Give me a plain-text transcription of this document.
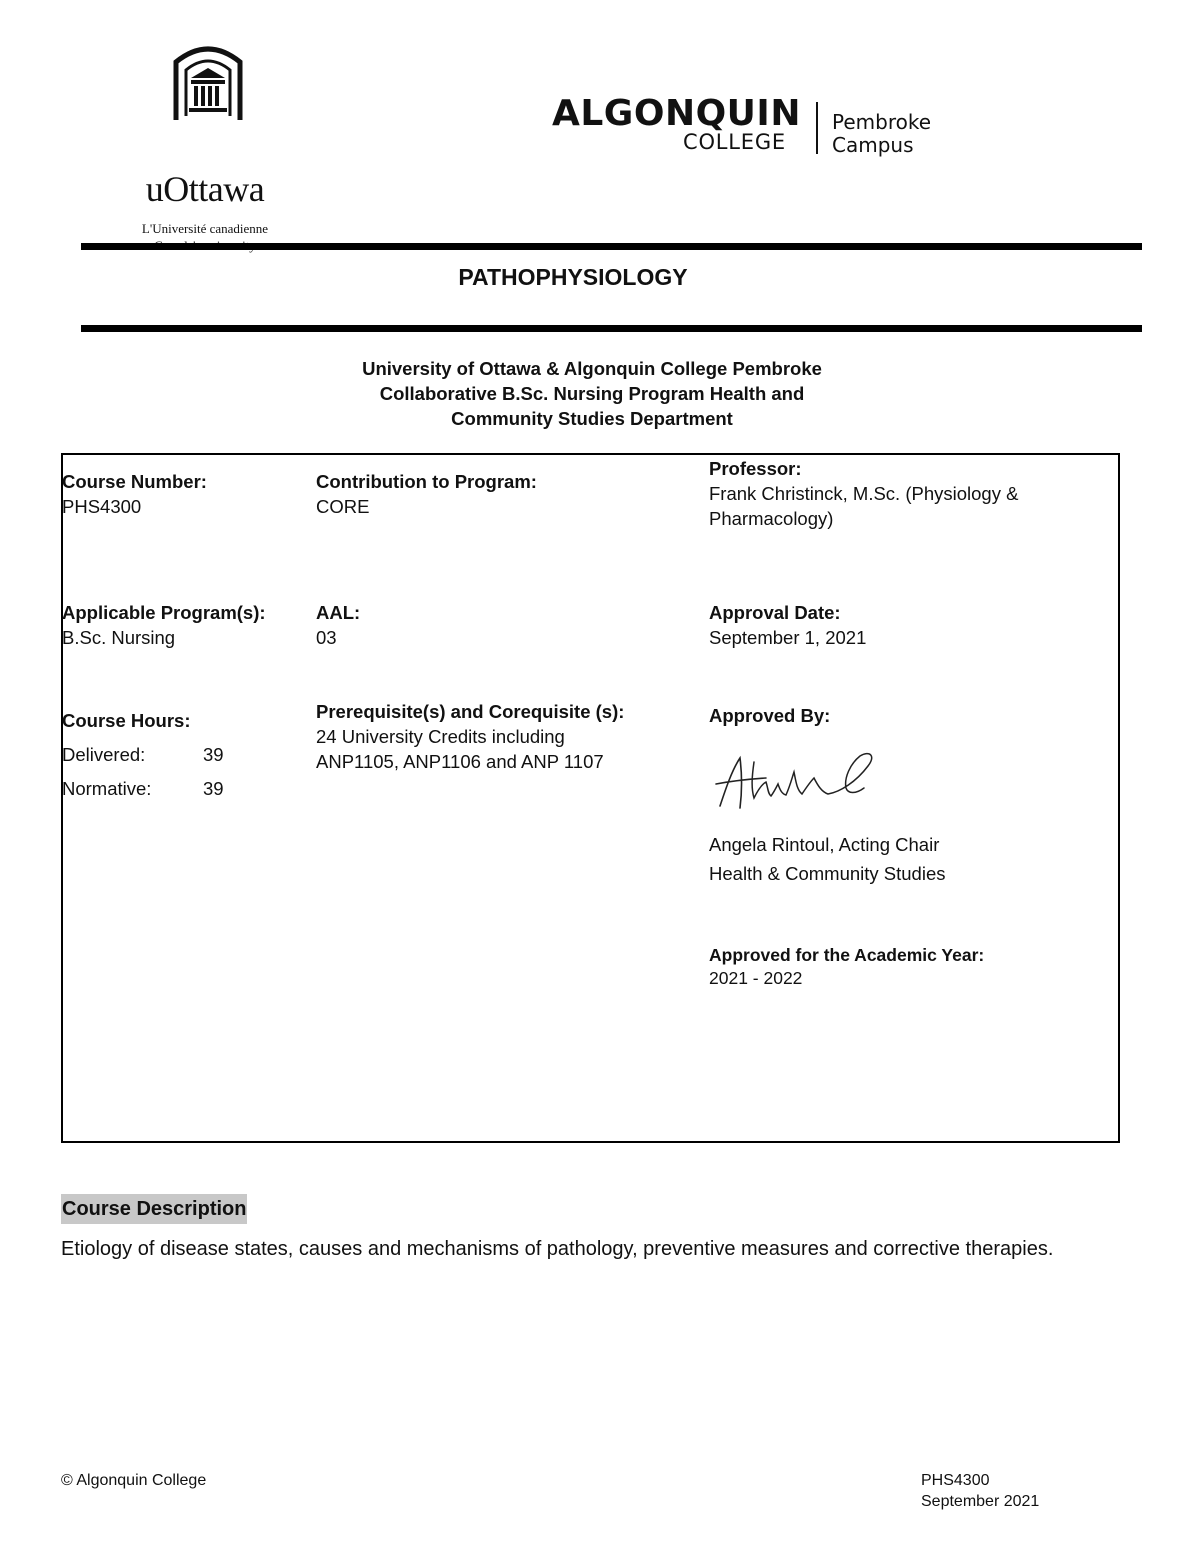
uOttawa
L'Université canadienne
ALGONQUIN
COLLEGE
Pembroke
Campus
PATHOPHYSIOLOGY
University of Ottawa & Algonquin College Pembroke
Collaborative B.Sc. Nursing Program Health and
Community Studies Department
Course Number:
PHS4300
Applicable Program(s):
B.Sc. Nursing
Course Hours:
Delivered:	39
Normative:	39
Contribution to Program:
CORE
AAL:
03
Prerequisite(s) and Corequisite (s):
24 University Credits including
ANP1105, ANP1106 and ANP 1107
Professor:
Frank Christinck, M.Sc. (Physiology &
Pharmacology)
Approval Date:
September 1, 2021
Approved By:
Angela Rintoul, Acting Chair
Health & Community Studies
Approved for the Academic Year:
2021 - 2022
Course Description
Etiology of disease states, causes and mechanisms of pathology, preventive measures and corrective therapies.
© Algonquin College	PHS4300
September 2021
